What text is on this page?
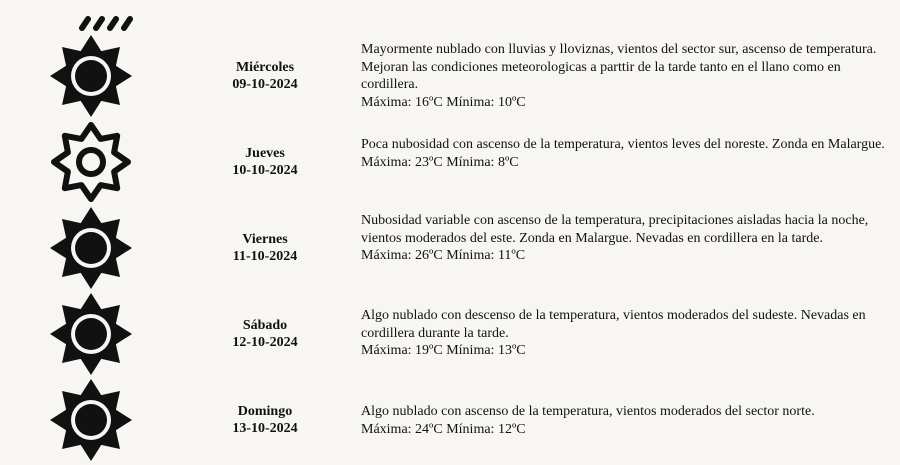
Miércoles
09-10-2024
Mayormente nublado con lluvias y lloviznas, vientos del sector sur, ascenso de temperatura. Mejoran las condiciones meteorologicas a parttir de la tarde tanto en el llano como en cordillera.
Máxima: 16ºC Mínima: 10ºC
Jueves
10-10-2024
Poca nubosidad con ascenso de la temperatura, vientos leves del noreste. Zonda en Malargue.
Máxima: 23ºC Mínima: 8ºC
Viernes
11-10-2024
Nubosidad variable con ascenso de la temperatura, precipitaciones aisladas hacia la noche, vientos moderados del este. Zonda en Malargue. Nevadas en cordillera en la tarde.
Máxima: 26ºC Mínima: 11ºC
Sábado
12-10-2024
Algo nublado con descenso de la temperatura, vientos moderados del sudeste. Nevadas en cordillera durante la tarde.
Máxima: 19ºC Mínima: 13ºC
Domingo
13-10-2024
Algo nublado con ascenso de la temperatura, vientos moderados del sector norte.
Máxima: 24ºC Mínima: 12ºC
